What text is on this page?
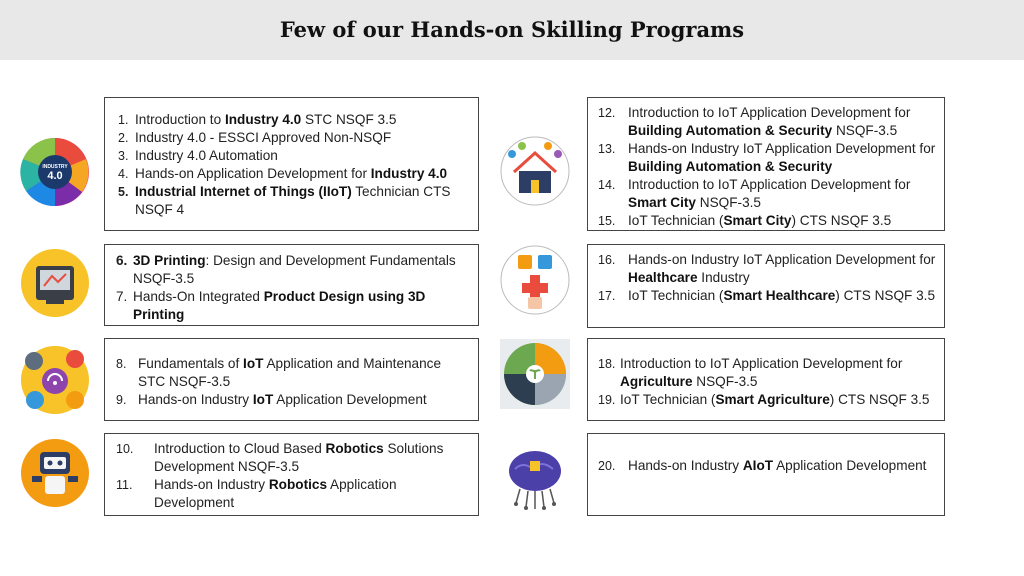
Few of our Hands-on Skilling Programs
INDUSTRY
4.0
1. Introduction to Industry 4.0 STC NSQF 3.5
2. Industry 4.0 - ESSCI Approved Non-NSQF
3. Industry 4.0 Automation
4. Hands-on Application Development for Industry 4.0
5. Industrial Internet of Things (IIoT) Technician CTS NSQF 4
6. 3D Printing: Design and Development Fundamentals NSQF-3.5
7. Hands-On Integrated Product Design using 3D Printing
8. Fundamentals of IoT Application and Maintenance STC NSQF-3.5
9. Hands-on Industry IoT Application Development
10. Introduction to Cloud Based Robotics Solutions Development NSQF-3.5
11. Hands-on Industry Robotics Application Development
12. Introduction to IoT Application Development for Building Automation & Security NSQF-3.5
13. Hands-on Industry IoT Application Development for Building Automation & Security
14. Introduction to IoT Application Development for Smart City NSQF-3.5
15. IoT Technician (Smart City) CTS NSQF 3.5
16. Hands-on Industry IoT Application Development for Healthcare Industry
17. IoT Technician (Smart Healthcare) CTS NSQF 3.5
18. Introduction to IoT Application Development for Agriculture NSQF-3.5
19. IoT Technician (Smart Agriculture) CTS NSQF 3.5
20. Hands-on Industry AIoT Application Development
